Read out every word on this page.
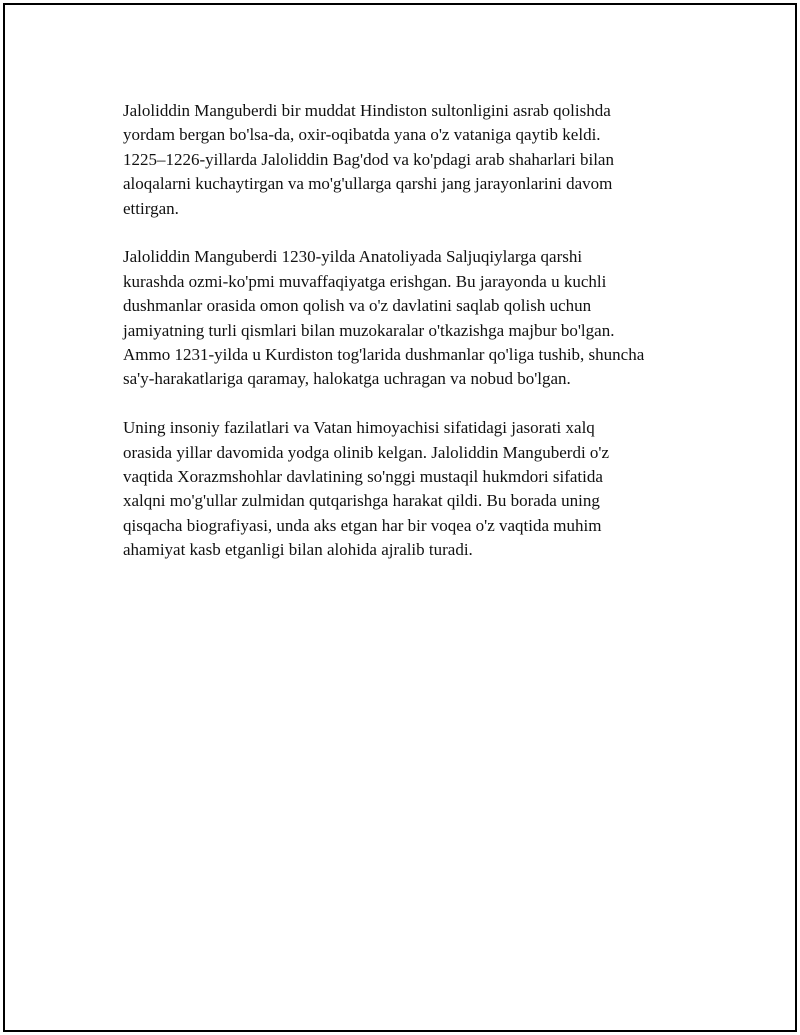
Jaloliddin Manguberdi bir muddat Hindiston sultonligini asrab qolishda
yordam bergan bo'lsa-da, oxir-oqibatda yana o'z vataniga qaytib keldi.
1225–1226-yillarda Jaloliddin Bag'dod va ko'pdagi arab shaharlari bilan
aloqalarni kuchaytirgan va mo'g'ullarga qarshi jang jarayonlarini davom
ettirgan.

Jaloliddin Manguberdi 1230-yilda Anatoliyada Saljuqiylarga qarshi
kurashda ozmi-ko'pmi muvaffaqiyatga erishgan. Bu jarayonda u kuchli
dushmanlar orasida omon qolish va o'z davlatini saqlab qolish uchun
jamiyatning turli qismlari bilan muzokaralar o'tkazishga majbur bo'lgan.
Ammo 1231-yilda u Kurdiston tog'larida dushmanlar qo'liga tushib, shuncha
sa'y-harakatlariga qaramay, halokatga uchragan va nobud bo'lgan.

Uning insoniy fazilatlari va Vatan himoyachisi sifatidagi jasorati xalq
orasida yillar davomida yodga olinib kelgan. Jaloliddin Manguberdi o'z
vaqtida Xorazmshohlar davlatining so'nggi mustaqil hukmdori sifatida
xalqni mo'g'ullar zulmidan qutqarishga harakat qildi. Bu borada uning
qisqacha biografiyasi, unda aks etgan har bir voqea o'z vaqtida muhim
ahamiyat kasb etganligi bilan alohida ajralib turadi.
